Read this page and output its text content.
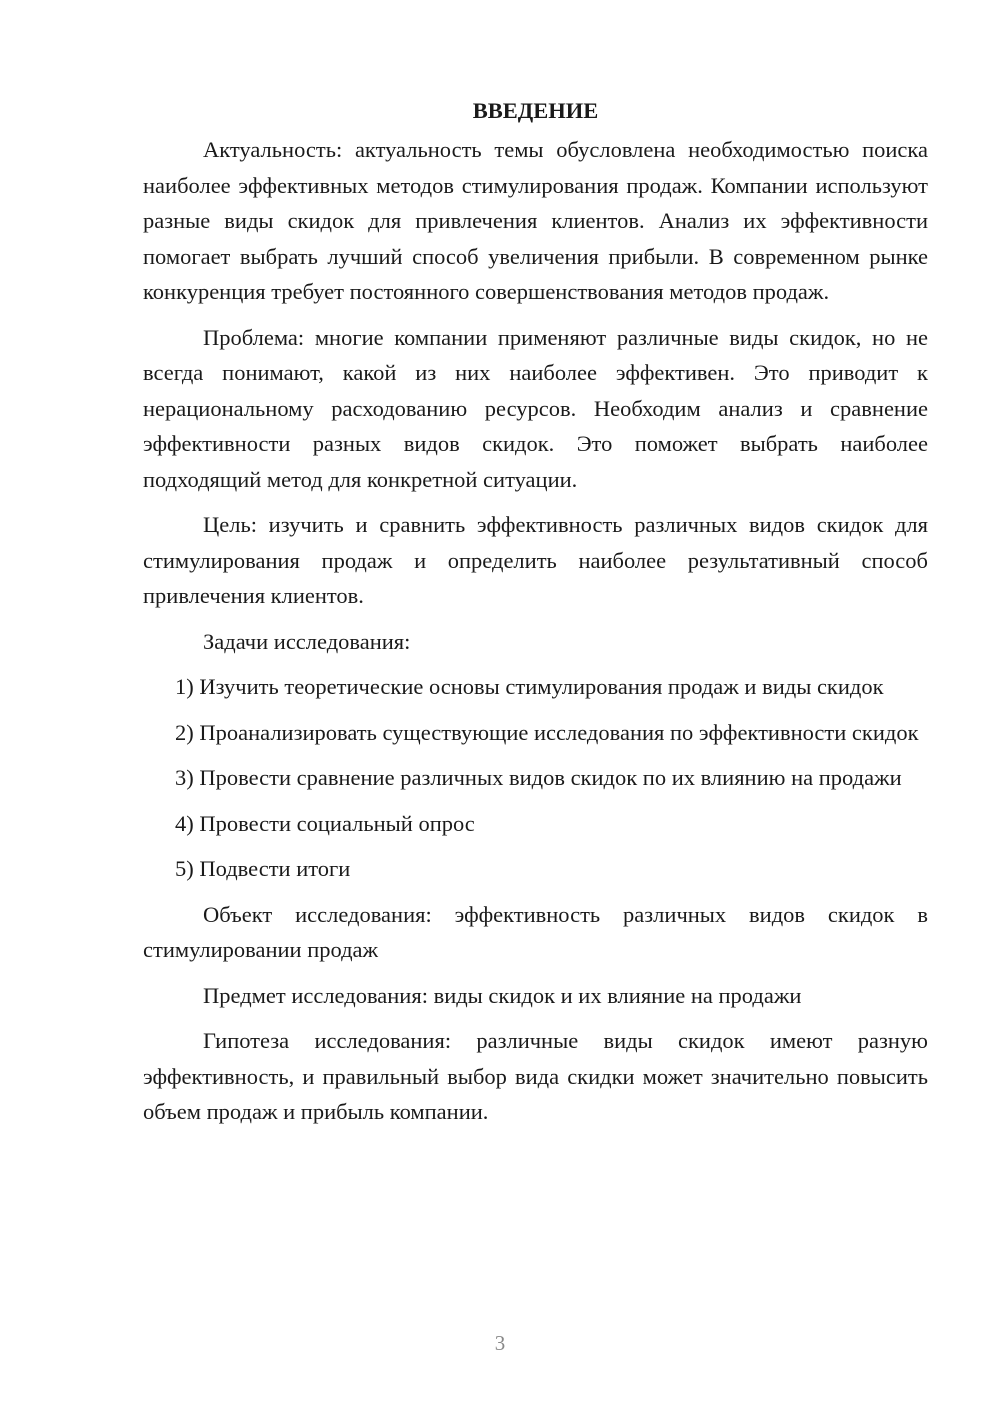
ВВЕДЕНИЕ

Актуальность: актуальность темы обусловлена необходимостью поиска наиболее эффективных методов стимулирования продаж. Компании используют разные виды скидок для привлечения клиентов. Анализ их эффективности помогает выбрать лучший способ увеличения прибыли. В современном рынке конкуренция требует постоянного совершенствования методов продаж.

Проблема: многие компании применяют различные виды скидок, но не всегда понимают, какой из них наиболее эффективен. Это приводит к нерациональному расходованию ресурсов. Необходим анализ и сравнение эффективности разных видов скидок. Это поможет выбрать наиболее подходящий метод для конкретной ситуации.

Цель: изучить и сравнить эффективность различных видов скидок для стимулирования продаж и определить наиболее результативный способ привлечения клиентов.

Задачи исследования:

1) Изучить теоретические основы стимулирования продаж и виды скидок

2) Проанализировать существующие исследования по эффективности скидок

3) Провести сравнение различных видов скидок по их влиянию на продажи

4) Провести социальный опрос

5) Подвести итоги

Объект исследования: эффективность различных видов скидок в стимулировании продаж

Предмет исследования: виды скидок и их влияние на продажи

Гипотеза исследования: различные виды скидок имеют разную эффективность, и правильный выбор вида скидки может значительно повысить объем продаж и прибыль компании.

3
